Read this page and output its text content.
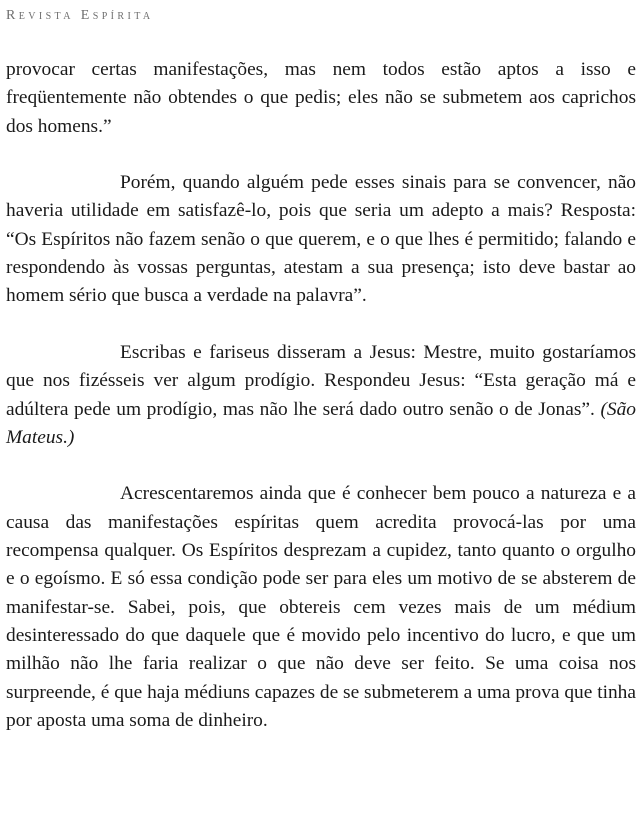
Revista Espírita

provocar certas manifestações, mas nem todos estão aptos a isso e freqüentemente não obtendes o que pedis; eles não se submetem aos caprichos dos homens.”

Porém, quando alguém pede esses sinais para se convencer, não haveria utilidade em satisfazê-lo, pois que seria um adepto a mais? Resposta: “Os Espíritos não fazem senão o que querem, e o que lhes é permitido; falando e respondendo às vossas perguntas, atestam a sua presença; isto deve bastar ao homem sério que busca a verdade na palavra”.

Escribas e fariseus disseram a Jesus: Mestre, muito gostaríamos que nos fizésseis ver algum prodígio. Respondeu Jesus: “Esta geração má e adúltera pede um prodígio, mas não lhe será dado outro senão o de Jonas”. (São Mateus.)

Acrescentaremos ainda que é conhecer bem pouco a natureza e a causa das manifestações espíritas quem acredita provocá-las por uma recompensa qualquer. Os Espíritos desprezam a cupidez, tanto quanto o orgulho e o egoísmo. E só essa condição pode ser para eles um motivo de se absterem de manifestar-se. Sabei, pois, que obtereis cem vezes mais de um médium desinteressado do que daquele que é movido pelo incentivo do lucro, e que um milhão não lhe faria realizar o que não deve ser feito. Se uma coisa nos surpreende, é que haja médiuns capazes de se submeterem a uma prova que tinha por aposta uma soma de dinheiro.
